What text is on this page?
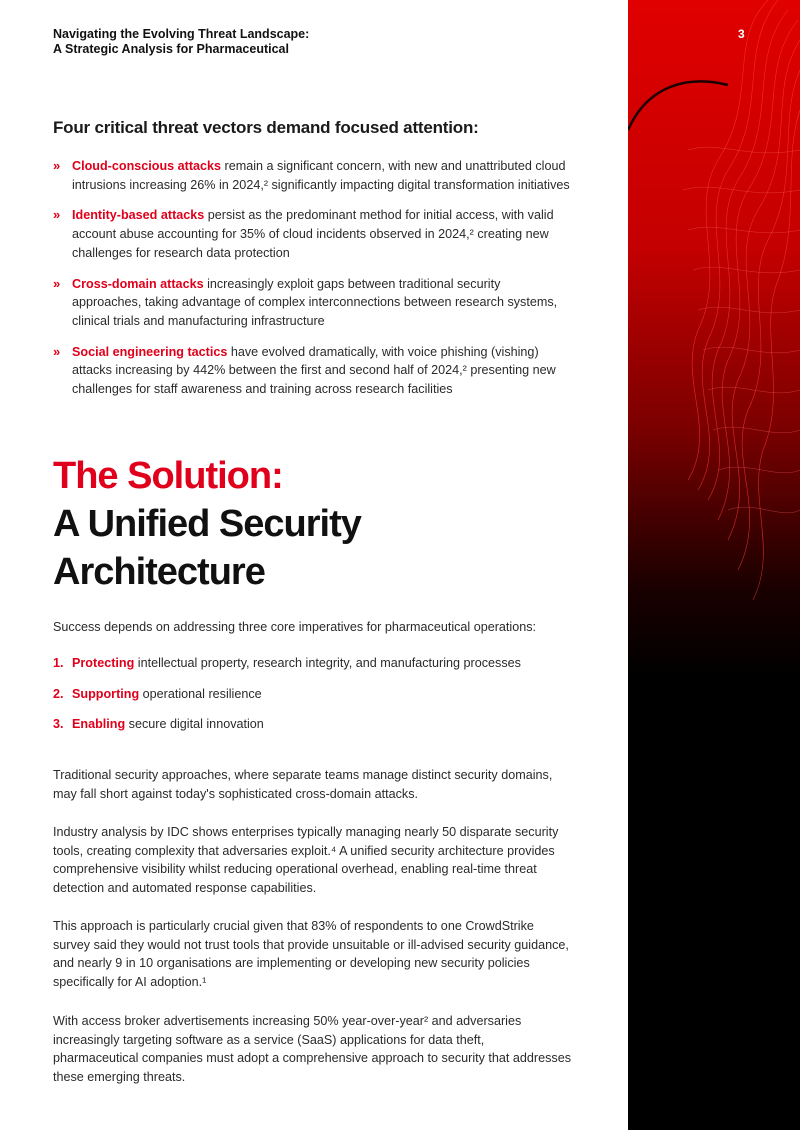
3
Navigating the Evolving Threat Landscape:
A Strategic Analysis for Pharmaceutical
Four critical threat vectors demand focused attention:
» Cloud-conscious attacks remain a significant concern, with new and unattributed cloud intrusions increasing 26% in 2024,² significantly impacting digital transformation initiatives
» Identity-based attacks persist as the predominant method for initial access, with valid account abuse accounting for 35% of cloud incidents observed in 2024,² creating new challenges for research data protection
» Cross-domain attacks increasingly exploit gaps between traditional security approaches, taking advantage of complex interconnections between research systems, clinical trials and manufacturing infrastructure
» Social engineering tactics have evolved dramatically, with voice phishing (vishing) attacks increasing by 442% between the first and second half of 2024,² presenting new challenges for staff awareness and training across research facilities
The Solution:
A Unified Security
Architecture
Success depends on addressing three core imperatives for pharmaceutical operations:
1. Protecting intellectual property, research integrity, and manufacturing processes
2. Supporting operational resilience
3. Enabling secure digital innovation

Traditional security approaches, where separate teams manage distinct security domains, may fall short against today's sophisticated cross-domain attacks.

Industry analysis by IDC shows enterprises typically managing nearly 50 disparate security tools, creating complexity that adversaries exploit.⁴ A unified security architecture provides comprehensive visibility whilst reducing operational overhead, enabling real-time threat detection and automated response capabilities.

This approach is particularly crucial given that 83% of respondents to one CrowdStrike survey said they would not trust tools that provide unsuitable or ill-advised security guidance, and nearly 9 in 10 organisations are implementing or developing new security policies specifically for AI adoption.¹

With access broker advertisements increasing 50% year-over-year² and adversaries increasingly targeting software as a service (SaaS) applications for data theft, pharmaceutical companies must adopt a comprehensive approach to security that addresses these emerging threats.
